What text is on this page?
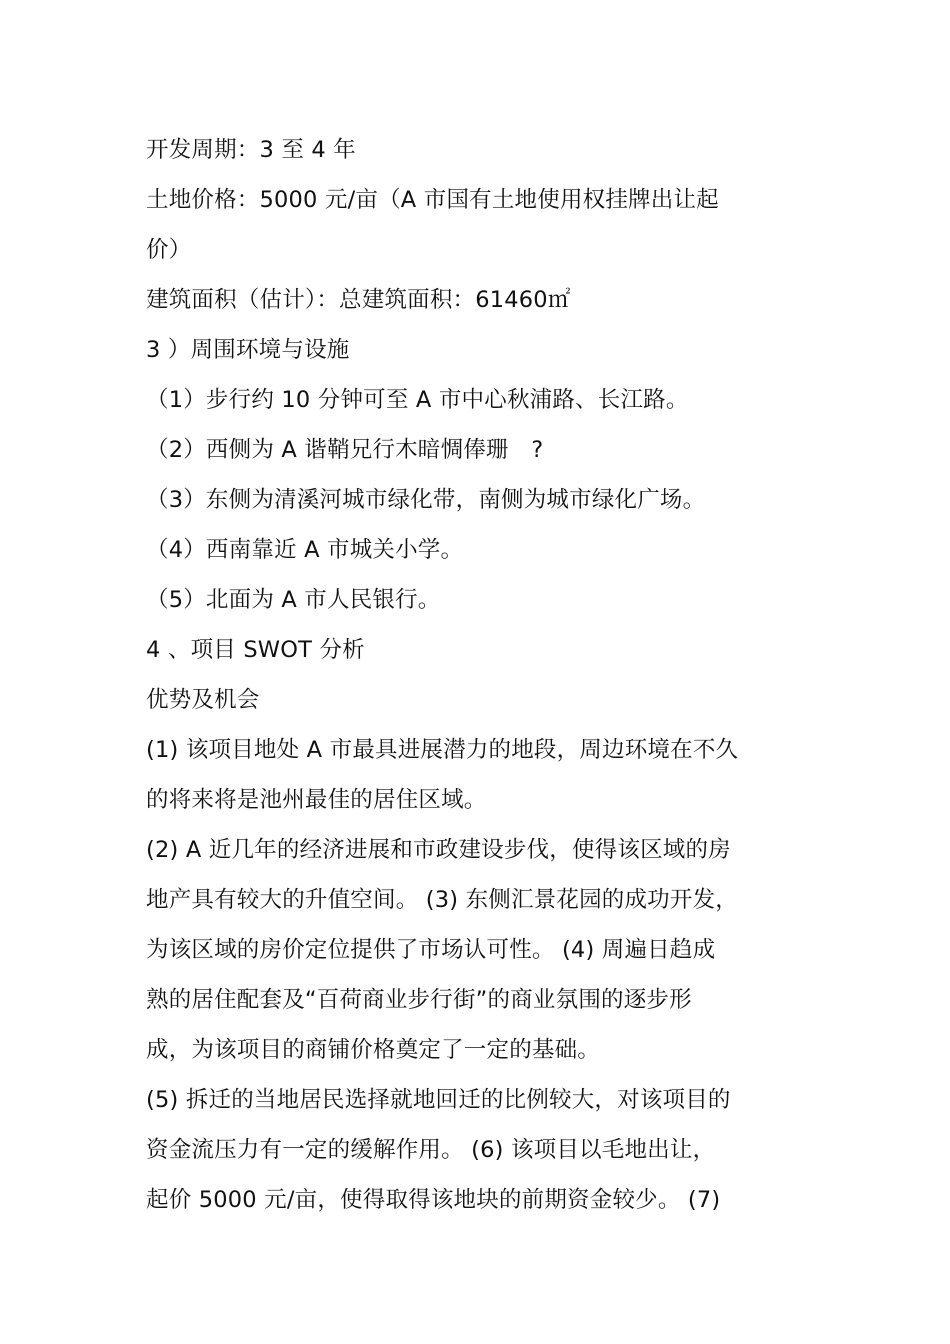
开发周期：3 至 4 年

土地价格：5000 元/亩（A 市国有土地使用权挂牌出让起

价）

建筑面积（估计）：总建筑面积：61460㎡

3 ）周围环境与设施

（1）步行约 10 分钟可至 A 市中心秋浦路、长江路。

（2）西侧为 A 谐鞘兄行木暗惆俸珊　?

（3）东侧为清溪河城市绿化带，南侧为城市绿化广场。

（4）西南靠近 A 市城关小学。

（5）北面为 A 市人民银行。

4 、项目 SWOT 分析

优势及机会

(1) 该项目地处 A 市最具进展潜力的地段，周边环境在不久

的将来将是池州最佳的居住区域。

(2) A 近几年的经济进展和市政建设步伐，使得该区域的房

地产具有较大的升值空间。 (3) 东侧汇景花园的成功开发，

为该区域的房价定位提供了市场认可性。 (4) 周遍日趋成

熟的居住配套及“百荷商业步行街”的商业氛围的逐步形

成，为该项目的商铺价格奠定了一定的基础。

(5) 拆迁的当地居民选择就地回迁的比例较大，对该项目的

资金流压力有一定的缓解作用。 (6) 该项目以毛地出让，

起价 5000 元/亩，使得取得该地块的前期资金较少。 (7)
